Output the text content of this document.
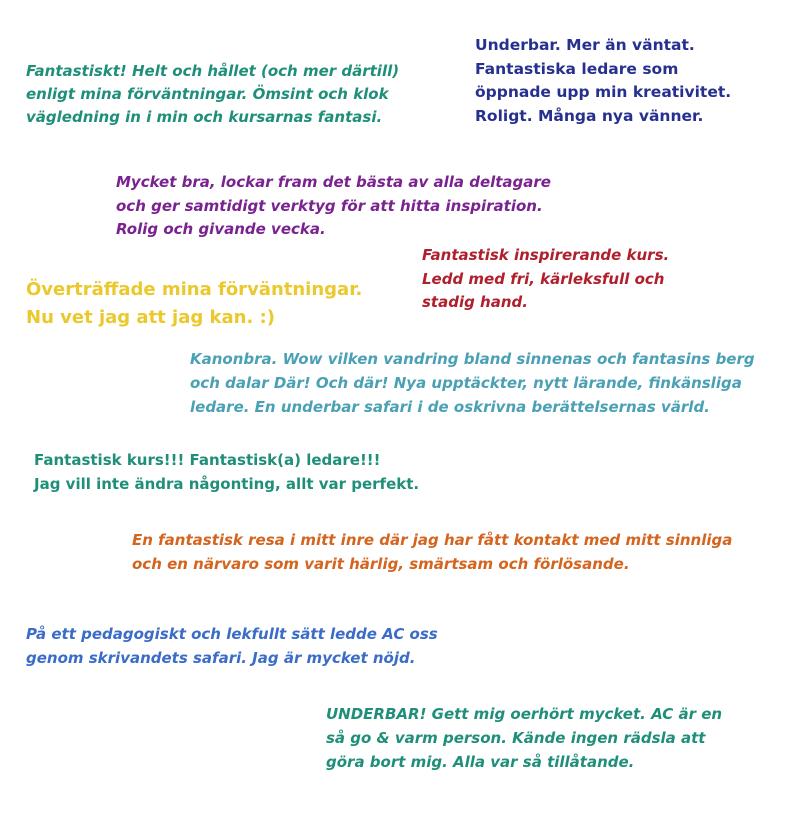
Fantastiskt! Helt och hållet (och mer därtill)
enligt mina förväntningar. Ömsint och klok
vägledning in i min och kursarnas fantasi.

Underbar. Mer än väntat.
Fantastiska ledare som
öppnade upp min kreativitet.
Roligt. Många nya vänner.

Mycket bra, lockar fram det bästa av alla deltagare
och ger samtidigt verktyg för att hitta inspiration.
Rolig och givande vecka.

Fantastisk inspirerande kurs.
Ledd med fri, kärleksfull och
stadig hand.

Överträffade mina förväntningar.
Nu vet jag att jag kan. :)

Kanonbra. Wow vilken vandring bland sinnenas och fantasins berg
och dalar Där! Och där! Nya upptäckter, nytt lärande, finkänsliga
ledare. En underbar safari i de oskrivna berättelsernas värld.

Fantastisk kurs!!! Fantastisk(a) ledare!!!
Jag vill inte ändra någonting, allt var perfekt.

En fantastisk resa i mitt inre där jag har fått kontakt med mitt sinnliga
och en närvaro som varit härlig, smärtsam och förlösande.

På ett pedagogiskt och lekfullt sätt ledde AC oss
genom skrivandets safari. Jag är mycket nöjd.

UNDERBAR! Gett mig oerhört mycket. AC är en
så go & varm person. Kände ingen rädsla att
göra bort mig. Alla var så tillåtande.
